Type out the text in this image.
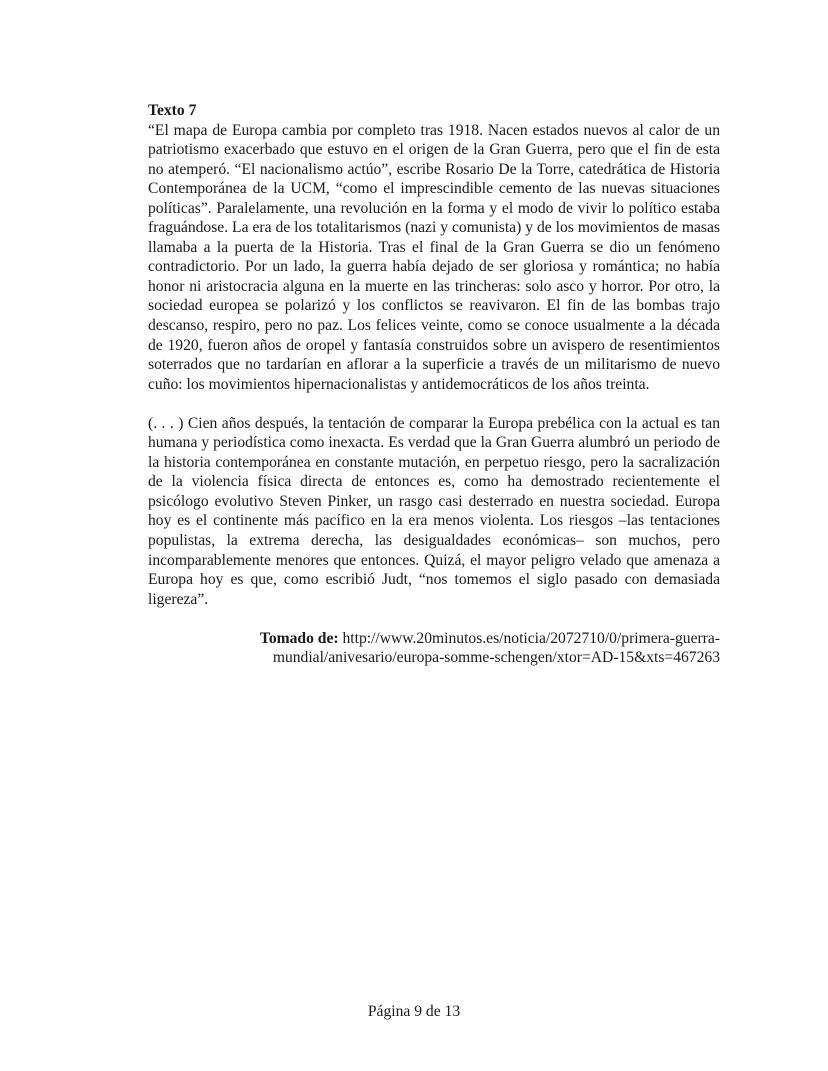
Texto 7

“El mapa de Europa cambia por completo tras 1918. Nacen estados nuevos al calor de un patriotismo exacerbado que estuvo en el origen de la Gran Guerra, pero que el fin de esta no atemperó. “El nacionalismo actúo”, escribe Rosario De la Torre, catedrática de Historia Contemporánea de la UCM, “como el imprescindible cemento de las nuevas situaciones políticas”. Paralelamente, una revolución en la forma y el modo de vivir lo político estaba fraguándose. La era de los totalitarismos (nazi y comunista) y de los movimientos de masas llamaba a la puerta de la Historia. Tras el final de la Gran Guerra se dio un fenómeno contradictorio. Por un lado, la guerra había dejado de ser gloriosa y romántica; no había honor ni aristocracia alguna en la muerte en las trincheras: solo asco y horror. Por otro, la sociedad europea se polarizó y los conflictos se reavivaron. El fin de las bombas trajo descanso, respiro, pero no paz. Los felices veinte, como se conoce usualmente a la década de 1920, fueron años de oropel y fantasía construidos sobre un avispero de resentimientos soterrados que no tardarían en aflorar a la superficie a través de un militarismo de nuevo cuño: los movimientos hipernacionalistas y antidemocráticos de los años treinta.

(. . . ) Cien años después, la tentación de comparar la Europa prebélica con la actual es tan humana y periodística como inexacta. Es verdad que la Gran Guerra alumbró un periodo de la historia contemporánea en constante mutación, en perpetuo riesgo, pero la sacralización de la violencia física directa de entonces es, como ha demostrado recientemente el psicólogo evolutivo Steven Pinker, un rasgo casi desterrado en nuestra sociedad. Europa hoy es el continente más pacífico en la era menos violenta. Los riesgos –las tentaciones populistas, la extrema derecha, las desigualdades económicas– son muchos, pero incomparablemente menores que entonces. Quizá, el mayor peligro velado que amenaza a Europa hoy es que, como escribió Judt, “nos tomemos el siglo pasado con demasiada ligereza”.

Tomado de: http://www.20minutos.es/noticia/2072710/0/primera-guerra-
mundial/anivesario/europa-somme-schengen/xtor=AD-15&xts=467263
Página 9 de 13
